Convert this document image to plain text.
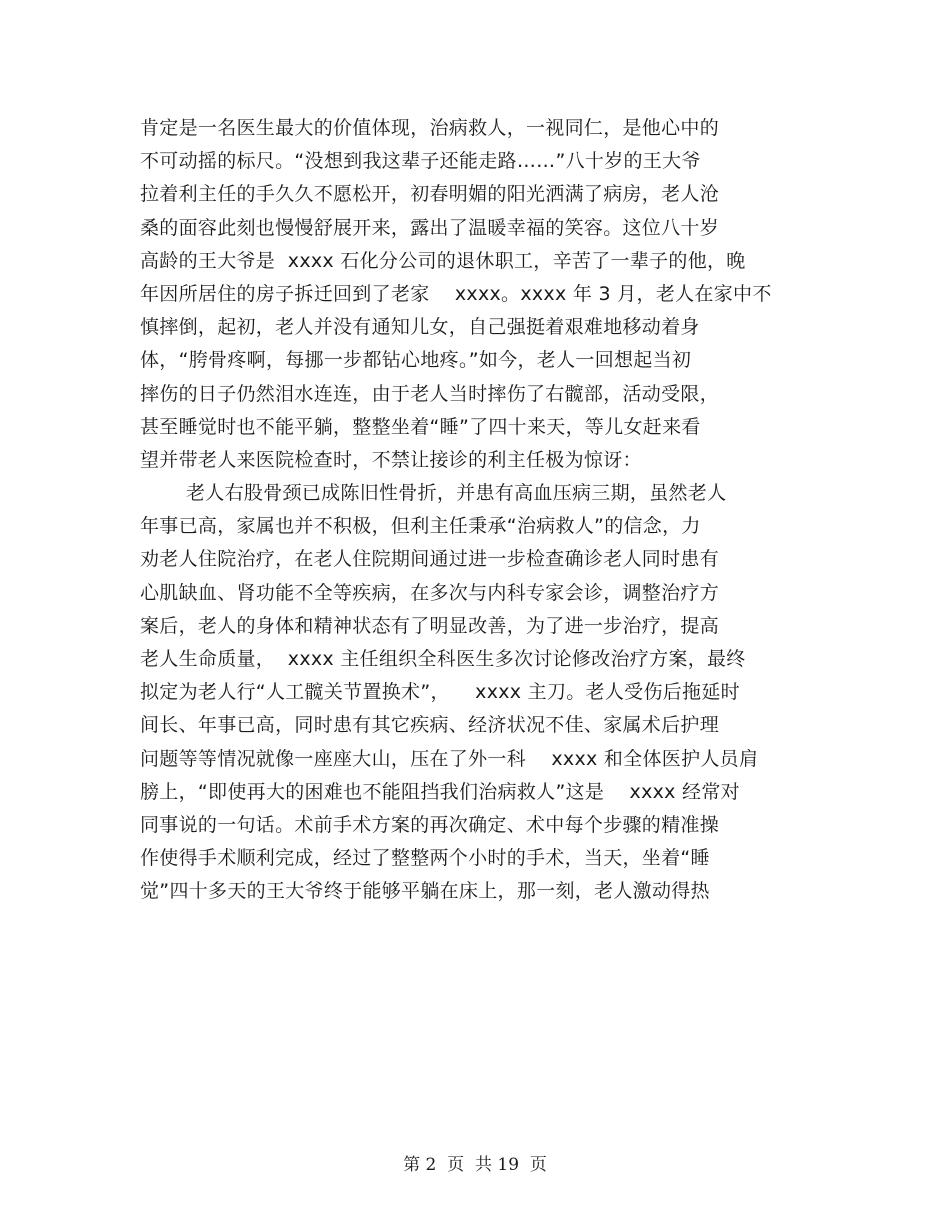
肯定是一名医生最大的价值体现，治病救人，一视同仁，是他心中的
不可动摇的标尺。“没想到我这辈子还能走路……”八十岁的王大爷
拉着利主任的手久久不愿松开，初春明媚的阳光洒满了病房，老人沧
桑的面容此刻也慢慢舒展开来，露出了温暖幸福的笑容。这位八十岁
高龄的王大爷是  xxxx 石化分公司的退休职工，辛苦了一辈子的他，晚
年因所居住的房子拆迁回到了老家    xxxx。xxxx 年 3 月，老人在家中不
慎摔倒，起初，老人并没有通知儿女，自己强挺着艰难地移动着身
体，“胯骨疼啊，每挪一步都钻心地疼。”如今，老人一回想起当初
摔伤的日子仍然泪水连连，由于老人当时摔伤了右髋部，活动受限，
甚至睡觉时也不能平躺，整整坐着“睡”了四十来天，等儿女赶来看
望并带老人来医院检查时，不禁让接诊的利主任极为惊讶：
老人右股骨颈已成陈旧性骨折，并患有高血压病三期，虽然老人
年事已高，家属也并不积极，但利主任秉承“治病救人”的信念，力
劝老人住院治疗，在老人住院期间通过进一步检查确诊老人同时患有
心肌缺血、肾功能不全等疾病，在多次与内科专家会诊，调整治疗方
案后，老人的身体和精神状态有了明显改善，为了进一步治疗，提高
老人生命质量，  xxxx 主任组织全科医生多次讨论修改治疗方案，最终
拟定为老人行“人工髋关节置换术”，    xxxx 主刀。老人受伤后拖延时
间长、年事已高，同时患有其它疾病、经济状况不佳、家属术后护理
问题等等情况就像一座座大山，压在了外一科    xxxx 和全体医护人员肩
膀上，“即使再大的困难也不能阻挡我们治病救人”这是    xxxx 经常对
同事说的一句话。术前手术方案的再次确定、术中每个步骤的精准操
作使得手术顺利完成，经过了整整两个小时的手术，当天，坐着“睡
觉”四十多天的王大爷终于能够平躺在床上，那一刻，老人激动得热
第 2  页  共 19  页
